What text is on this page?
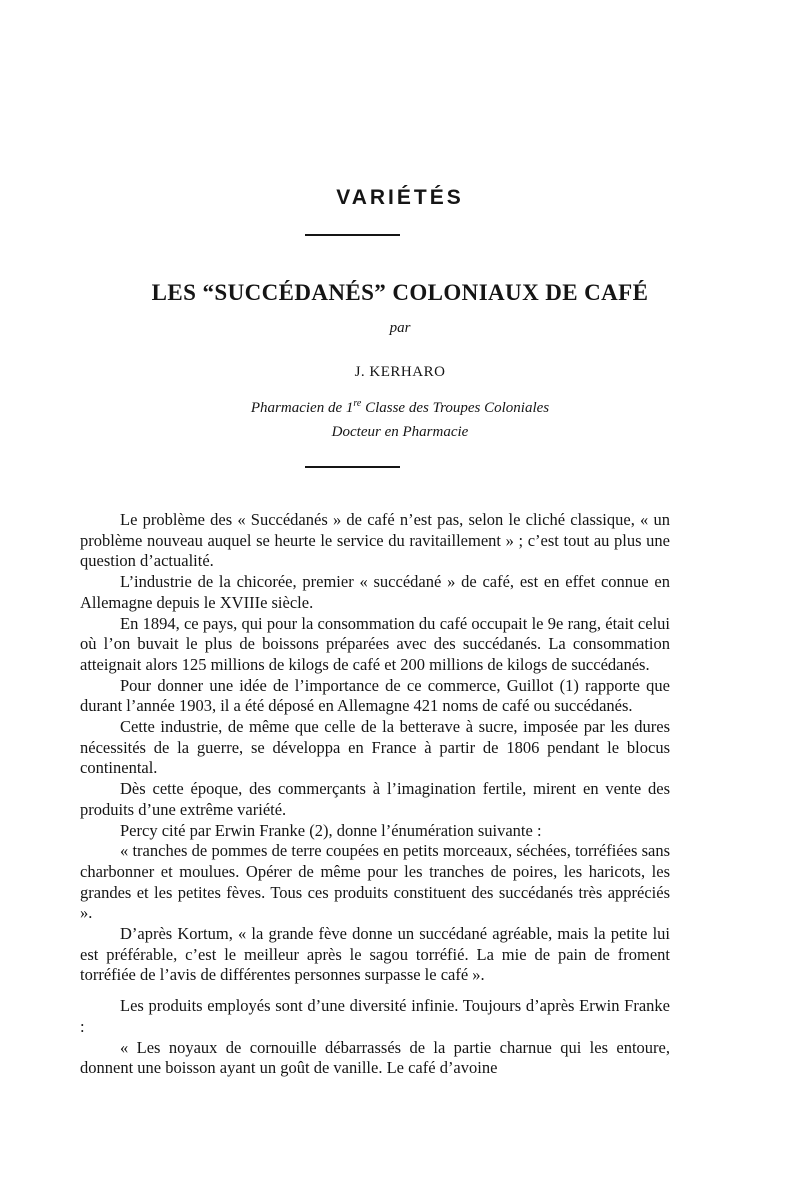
VARIÉTÉS
LES “SUCCÉDANÉS” COLONIAUX DE CAFÉ
par
J. KERHARO
Pharmacien de 1re Classe des Troupes Coloniales
Docteur en Pharmacie

Le problème des « Succédanés » de café n’est pas, selon le cliché classique, « un problème nouveau auquel se heurte le service du ravitaillement » ; c’est tout au plus une question d’actualité.

L’industrie de la chicorée, premier « succédané » de café, est en effet connue en Allemagne depuis le XVIIIe siècle.

En 1894, ce pays, qui pour la consommation du café occupait le 9e rang, était celui où l’on buvait le plus de boissons préparées avec des succédanés. La consommation atteignait alors 125 millions de kilogs de café et 200 millions de kilogs de succédanés.

Pour donner une idée de l’importance de ce commerce, Guillot (1) rapporte que durant l’année 1903, il a été déposé en Allemagne 421 noms de café ou succédanés.

Cette industrie, de même que celle de la betterave à sucre, imposée par les dures nécessités de la guerre, se développa en France à partir de 1806 pendant le blocus continental.

Dès cette époque, des commerçants à l’imagination fertile, mirent en vente des produits d’une extrême variété.

Percy cité par Erwin Franke (2), donne l’énumération suivante :

« tranches de pommes de terre coupées en petits morceaux, séchées, torréfiées sans charbonner et moulues. Opérer de même pour les tranches de poires, les haricots, les grandes et les petites fèves. Tous ces produits constituent des succédanés très appréciés ».

D’après Kortum, « la grande fève donne un succédané agréable, mais la petite lui est préférable, c’est le meilleur après le sagou torréfié. La mie de pain de froment torréfiée de l’avis de différentes personnes surpasse le café ».

Les produits employés sont d’une diversité infinie. Toujours d’après Erwin Franke :

« Les noyaux de cornouille débarrassés de la partie charnue qui les entoure, donnent une boisson ayant un goût de vanille. Le café d’avoine
